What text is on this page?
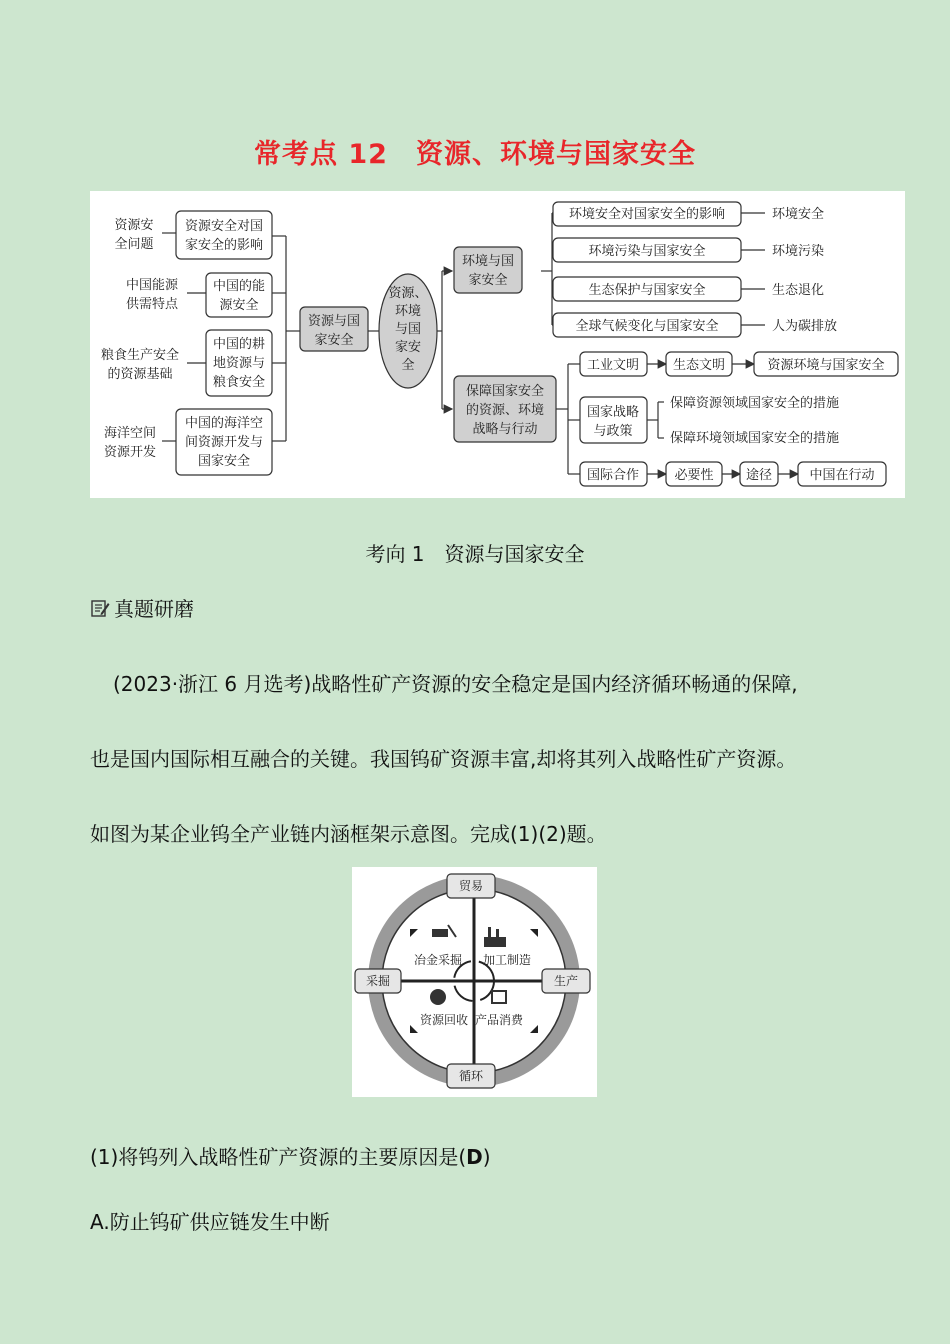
常考点 12　资源、环境与国家安全
资源安全问题
中国能源供需特点
粮食生产安全的资源基础
海洋空间资源开发
资源安全对国家安全的影响
中国的能源安全
中国的耕地资源与粮食安全
中国的海洋空间资源开发与国家安全
资源与国家安全
资源、环境与国家安全
环境与国家安全
环境安全对国家安全的影响
环境污染与国家安全
生态保护与国家安全
全球气候变化与国家安全
环境安全
环境污染
生态退化
人为碳排放
保障国家安全的资源、环境战略与行动
工业文明	生态文明	资源环境与国家安全
国家战略与政策
保障资源领域国家安全的措施
保障环境领域国家安全的措施
国际合作	必要性 途径	中国在行动
考向 1　资源与国家安全
真题研磨
(2023·浙江 6 月选考)战略性矿产资源的安全稳定是国内经济循环畅通的保障,
也是国内国际相互融合的关键。我国钨矿资源丰富,却将其列入战略性矿产资源。
如图为某企业钨全产业链内涵框架示意图。完成(1)(2)题。
贸易
采掘	生产
循环
冶金采掘 加工制造
资源回收 产品消费
(1)将钨列入战略性矿产资源的主要原因是(D)
A.防止钨矿供应链发生中断
